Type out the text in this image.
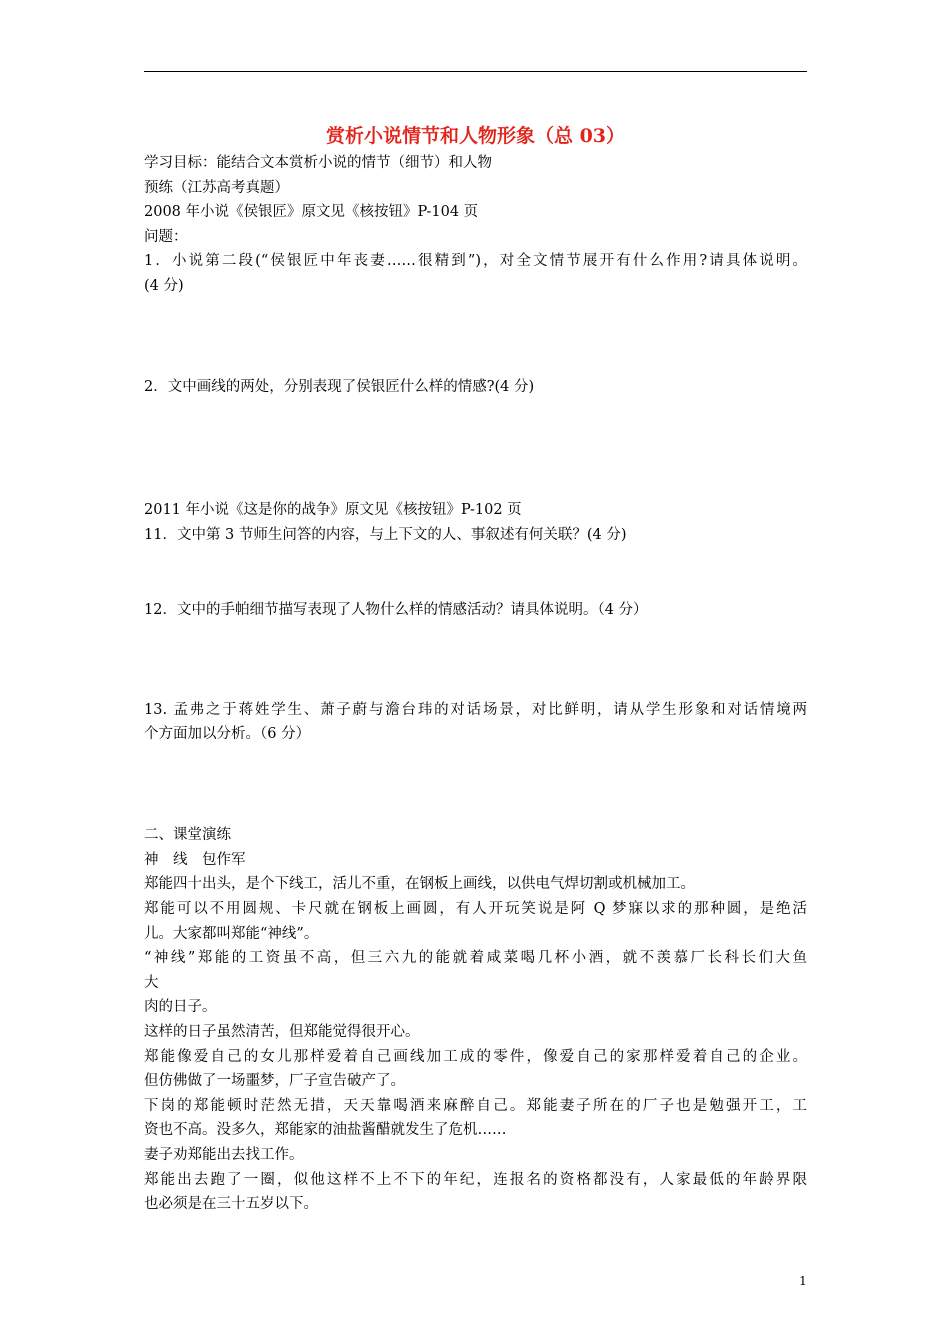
赏析小说情节和人物形象（总 03）
学习目标：能结合文本赏析小说的情节（细节）和人物
预练（江苏高考真题）
2008 年小说《侯银匠》原文见《核按钮》P-104 页
问题：
1．小说第二段(“侯银匠中年丧妻……很精到”)，对全文情节展开有什么作用?请具体说明。
(4 分)
2．文中画线的两处，分别表现了侯银匠什么样的情感?(4 分)
2011 年小说《这是你的战争》原文见《核按钮》P-102 页
11．文中第 3 节师生问答的内容，与上下文的人、事叙述有何关联？(4 分)
12．文中的手帕细节描写表现了人物什么样的情感活动？请具体说明。（4 分）
13. 孟弗之于蒋姓学生、萧子蔚与澹台玮的对话场景，对比鲜明，请从学生形象和对话情境两
个方面加以分析。（6 分）
二、课堂演练
神　线　包作军
郑能四十出头，是个下线工，活儿不重，在钢板上画线，以供电气焊切割或机械加工。
郑能可以不用圆规、卡尺就在钢板上画圆，有人开玩笑说是阿 Q 梦寐以求的那种圆，是绝活
儿。大家都叫郑能“神线”。
“神线”郑能的工资虽不高，但三六九的能就着咸菜喝几杯小酒，就不羡慕厂长科长们大鱼
大
肉的日子。
这样的日子虽然清苦，但郑能觉得很开心。
郑能像爱自己的女儿那样爱着自己画线加工成的零件，像爱自己的家那样爱着自己的企业。
但仿佛做了一场噩梦，厂子宣告破产了。
下岗的郑能顿时茫然无措，天天靠喝酒来麻醉自己。郑能妻子所在的厂子也是勉强开工，工
资也不高。没多久，郑能家的油盐酱醋就发生了危机……
妻子劝郑能出去找工作。
郑能出去跑了一圈，似他这样不上不下的年纪，连报名的资格都没有，人家最低的年龄界限
也必须是在三十五岁以下。
1
